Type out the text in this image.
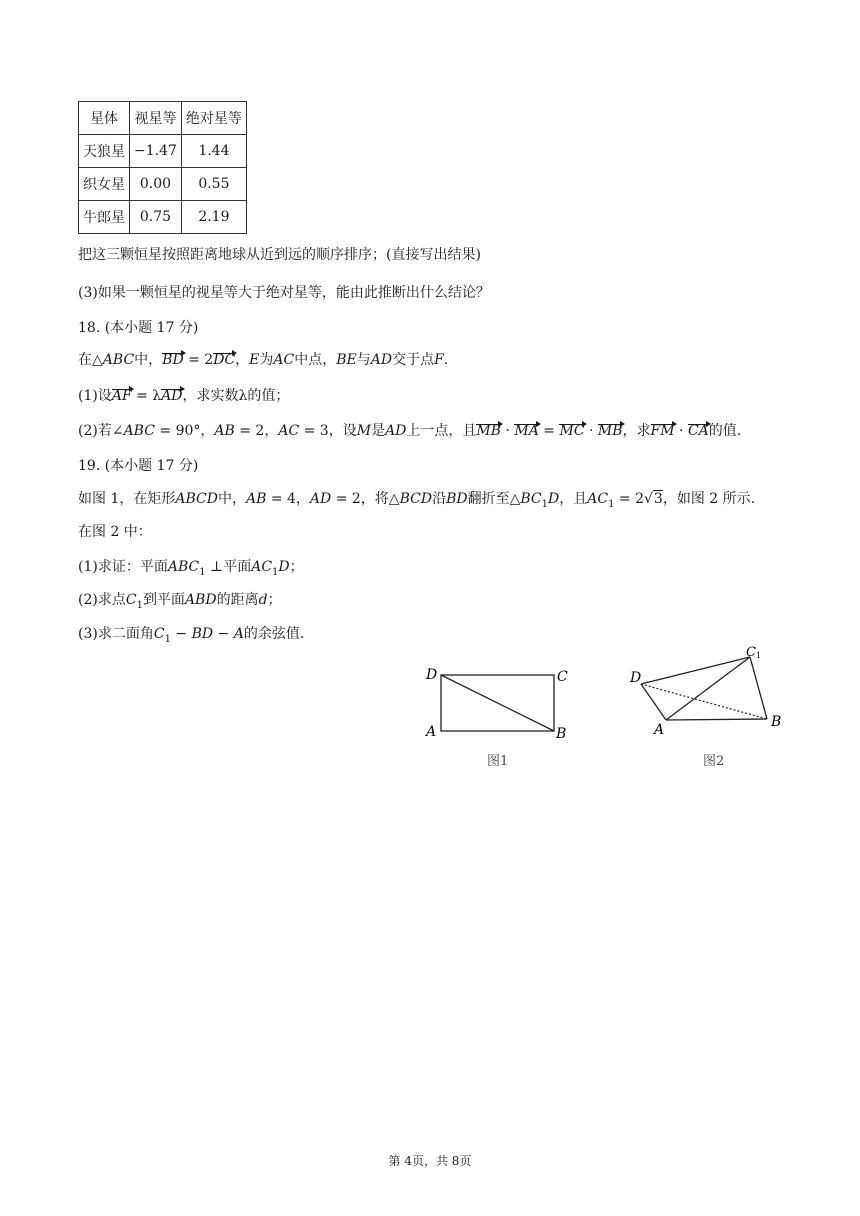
星体	视星等	绝对星等
天狼星	−1.47	1.44
织女星	0.00	0.55
牛郎星	0.75	2.19
把这三颗恒星按照距离地球从近到远的顺序排序；(直接写出结果)
(3)如果一颗恒星的视星等大于绝对星等，能由此推断出什么结论？
18. (本小题 17 分)
在△ABC中，BD = 2DC，E为AC中点，BE与AD交于点F.
(1)设AF = λAD，求实数λ的值；
(2)若∠ABC = 90°，AB = 2，AC = 3，设M是AD上一点，且MB · MA = MC · MB，求FM · CA的值.
19. (本小题 17 分)
如图 1，在矩形ABCD中，AB = 4，AD = 2，将△BCD沿BD翻折至$\triangle BC_1D$，且$AC_1 = 2√3$，如图 2 所示.
在图 2 中：
(1)求证：平面$ABC_1$ ⊥平面$AC_1D$；
(2)求点$C_1$到平面ABD的距离d；
(3)求二面角$C_1$ − BD − A的余弦值.
D	C
A	B
图1
C 1
D
A	B
图2
第 4页，共 8页
